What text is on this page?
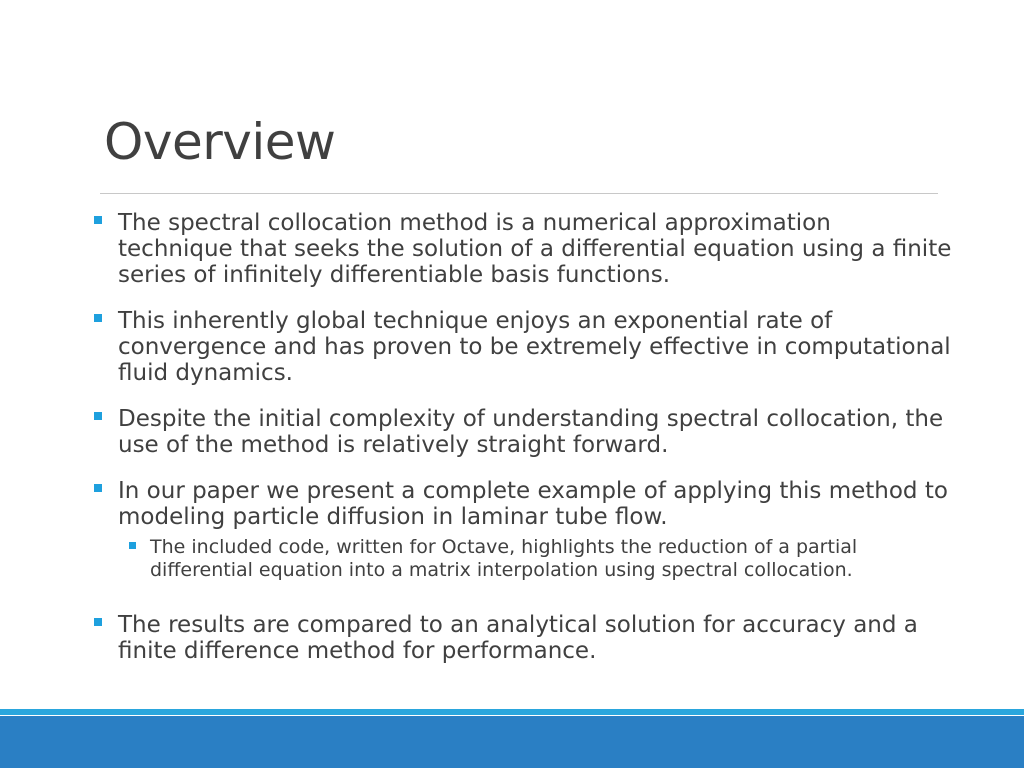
Overview
The spectral collocation method is a numerical approximation technique that seeks the solution of a differential equation using a finite series of infinitely differentiable basis functions.
This inherently global technique enjoys an exponential rate of convergence and has proven to be extremely effective in computational fluid dynamics.
Despite the initial complexity of understanding spectral collocation, the use of the method is relatively straight forward.
In our paper we present a complete example of applying this method to modeling particle diffusion in laminar tube flow.
The included code, written for Octave, highlights the reduction of a partial differential equation into a matrix interpolation using spectral collocation.
The results are compared to an analytical solution for accuracy and a finite difference method for performance.
